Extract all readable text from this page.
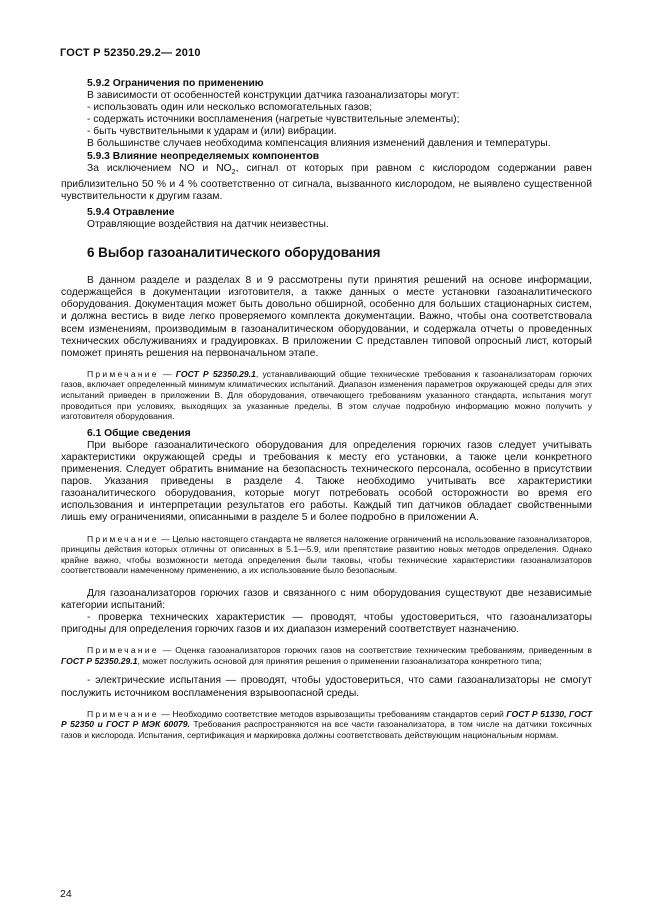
ГОСТ Р 52350.29.2— 2010

5.9.2 Ограничения по применению

В зависимости от особенностей конструкции датчика газоанализаторы могут:

- использовать один или несколько вспомогательных газов;

- содержать источники воспламенения (нагретые чувствительные элементы);

- быть чувствительными к ударам и (или) вибрации.

В большинстве случаев необходима компенсация влияния изменений давления и температуры.

5.9.3 Влияние неопределяемых компонентов

За исключением NO и $NO_2$, сигнал от которых при равном с кислородом содержании равен приблизительно 50 % и 4 % соответственно от сигнала, вызванного кислородом, не выявлено существенной чувствительности к другим газам.

5.9.4 Отравление

Отравляющие воздействия на датчик неизвестны.

6 Выбор газоаналитического оборудования

В данном разделе и разделах 8 и 9 рассмотрены пути принятия решений на основе информации, содержащейся в документации изготовителя, а также данных о месте установки газоаналитического оборудования. Документация может быть довольно обширной, особенно для больших стационарных систем, и должна вестись в виде легко проверяемого комплекта документации. Важно, чтобы она соответствовала всем изменениям, производимым в газоаналитическом оборудовании, и содержала отчеты о проведенных технических обслуживаниях и градуировках. В приложении С представлен типовой опросный лист, который поможет принять решения на первоначальном этапе.

Примечание — ГОСТ Р 52350.29.1, устанавливающий общие технические требования к газоанализаторам горючих газов, включает определенный минимум климатических испытаний. Диапазон изменения параметров окружающей среды для этих испытаний приведен в приложении В. Для оборудования, отвечающего требованиям указанного стандарта, испытания могут проводиться при условиях, выходящих за указанные пределы. В этом случае подробную информацию можно получить у изготовителя оборудования.

6.1 Общие сведения

При выборе газоаналитического оборудования для определения горючих газов следует учитывать характеристики окружающей среды и требования к месту его установки, а также цели конкретного применения. Следует обратить внимание на безопасность технического персонала, особенно в присутствии паров. Указания приведены в разделе 4. Также необходимо учитывать все характеристики газоаналитического оборудования, которые могут потребовать особой осторожности во время его использования и интерпретации результатов его работы. Каждый тип датчиков обладает свойственными лишь ему ограничениями, описанными в разделе 5 и более подробно в приложении А.

Примечание — Целью настоящего стандарта не является наложение ограничений на использование газоанализаторов, принципы действия которых отличны от описанных в 5.1—5.9, или препятствие развитию новых методов определения. Однако крайне важно, чтобы возможности метода определения были таковы, чтобы технические характеристики газоанализаторов соответствовали намеченному применению, а их использование было безопасным.

Для газоанализаторов горючих газов и связанного с ним оборудования существуют две независимые категории испытаний:

- проверка технических характеристик — проводят, чтобы удостовериться, что газоанализаторы пригодны для определения горючих газов и их диапазон измерений соответствует назначению.

Примечание — Оценка газоанализаторов горючих газов на соответствие техническим требованиям, приведенным в ГОСТ Р 52350.29.1, может послужить основой для принятия решения о применении газоанализатора конкретного типа;

- электрические испытания — проводят, чтобы удостовериться, что сами газоанализаторы не смогут послужить источником воспламенения взрывоопасной среды.

Примечание — Необходимо соответствие методов взрывозащиты требованиям стандартов серий ГОСТ Р 51330, ГОСТ Р 52350 и ГОСТ Р МЭК 60079. Требования распространяются на все части газоанализатора, в том числе на датчики токсичных газов и кислорода. Испытания, сертификация и маркировка должны соответствовать действующим национальным нормам.

24
